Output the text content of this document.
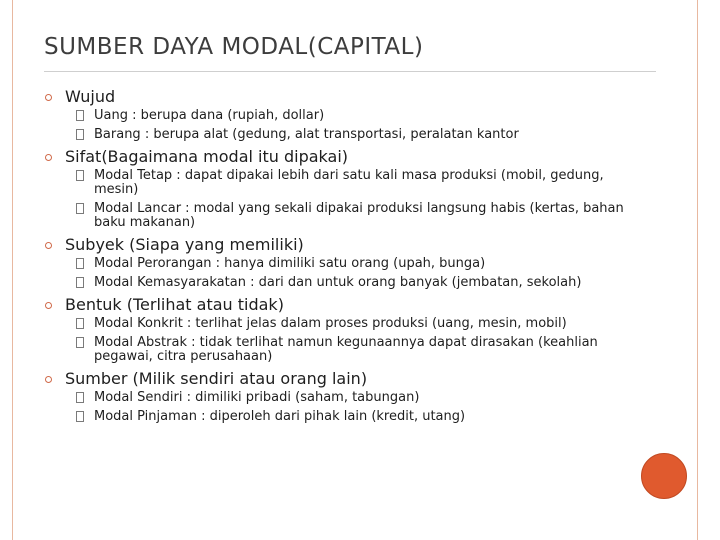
SUMBER DAYA MODAL(CAPITAL)
Wujud
Uang : berupa dana (rupiah, dollar)
Barang : berupa alat (gedung, alat transportasi, peralatan kantor
Sifat(Bagaimana modal itu dipakai)
Modal Tetap : dapat dipakai lebih dari satu kali masa produksi (mobil, gedung, mesin)
Modal Lancar : modal yang sekali dipakai produksi langsung habis (kertas, bahan baku makanan)
Subyek (Siapa yang memiliki)
Modal Perorangan : hanya dimiliki satu orang (upah, bunga)
Modal Kemasyarakatan : dari dan untuk orang banyak (jembatan, sekolah)
Bentuk (Terlihat atau tidak)
Modal Konkrit : terlihat jelas dalam proses produksi (uang, mesin, mobil)
Modal Abstrak : tidak terlihat namun kegunaannya dapat dirasakan (keahlian pegawai, citra perusahaan)
Sumber (Milik sendiri atau orang lain)
Modal Sendiri : dimiliki pribadi (saham, tabungan)
Modal Pinjaman : diperoleh dari pihak lain (kredit, utang)
